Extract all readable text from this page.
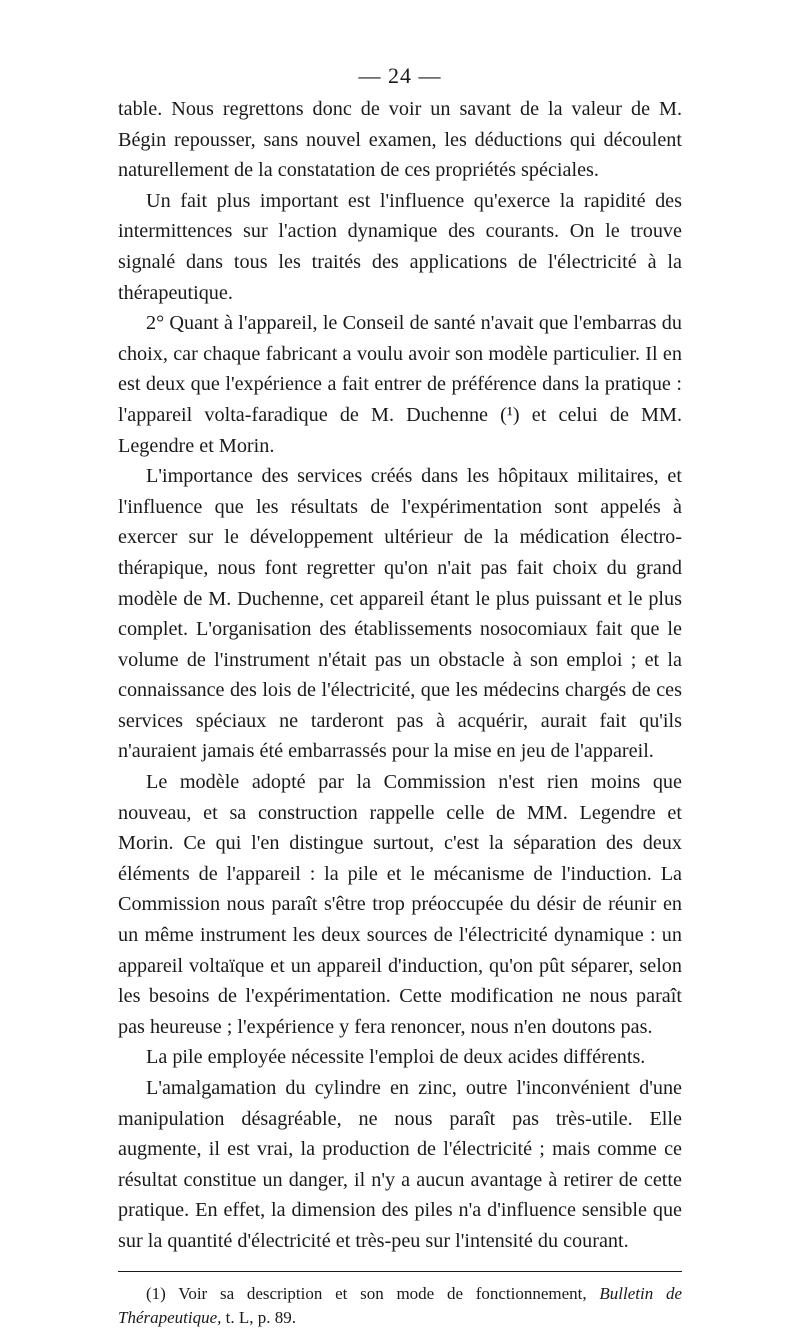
— 24 —

table. Nous regrettons donc de voir un savant de la valeur de M. Bégin repousser, sans nouvel examen, les déductions qui découlent naturellement de la constatation de ces propriétés spéciales.

Un fait plus important est l'influence qu'exerce la rapidité des intermittences sur l'action dynamique des courants. On le trouve signalé dans tous les traités des applications de l'électricité à la thérapeutique.

2° Quant à l'appareil, le Conseil de santé n'avait que l'embarras du choix, car chaque fabricant a voulu avoir son modèle particulier. Il en est deux que l'expérience a fait entrer de préférence dans la pratique : l'appareil volta-faradique de M. Duchenne (¹) et celui de MM. Legendre et Morin.

L'importance des services créés dans les hôpitaux militaires, et l'influence que les résultats de l'expérimentation sont appelés à exercer sur le développement ultérieur de la médication électro-thérapique, nous font regretter qu'on n'ait pas fait choix du grand modèle de M. Duchenne, cet appareil étant le plus puissant et le plus complet. L'organisation des établissements nosocomiaux fait que le volume de l'instrument n'était pas un obstacle à son emploi ; et la connaissance des lois de l'électricité, que les médecins chargés de ces services spéciaux ne tarderont pas à acquérir, aurait fait qu'ils n'auraient jamais été embarrassés pour la mise en jeu de l'appareil.

Le modèle adopté par la Commission n'est rien moins que nouveau, et sa construction rappelle celle de MM. Legendre et Morin. Ce qui l'en distingue surtout, c'est la séparation des deux éléments de l'appareil : la pile et le mécanisme de l'induction. La Commission nous paraît s'être trop préoccupée du désir de réunir en un même instrument les deux sources de l'électricité dynamique : un appareil voltaïque et un appareil d'induction, qu'on pût séparer, selon les besoins de l'expérimentation. Cette modification ne nous paraît pas heureuse ; l'expérience y fera renoncer, nous n'en doutons pas.

La pile employée nécessite l'emploi de deux acides différents.

L'amalgamation du cylindre en zinc, outre l'inconvénient d'une manipulation désagréable, ne nous paraît pas très-utile. Elle augmente, il est vrai, la production de l'électricité ; mais comme ce résultat constitue un danger, il n'y a aucun avantage à retirer de cette pratique. En effet, la dimension des piles n'a d'influence sensible que sur la quantité d'électricité et très-peu sur l'intensité du courant.

(1) Voir sa description et son mode de fonctionnement, Bulletin de Thérapeutique, t. L, p. 89.
